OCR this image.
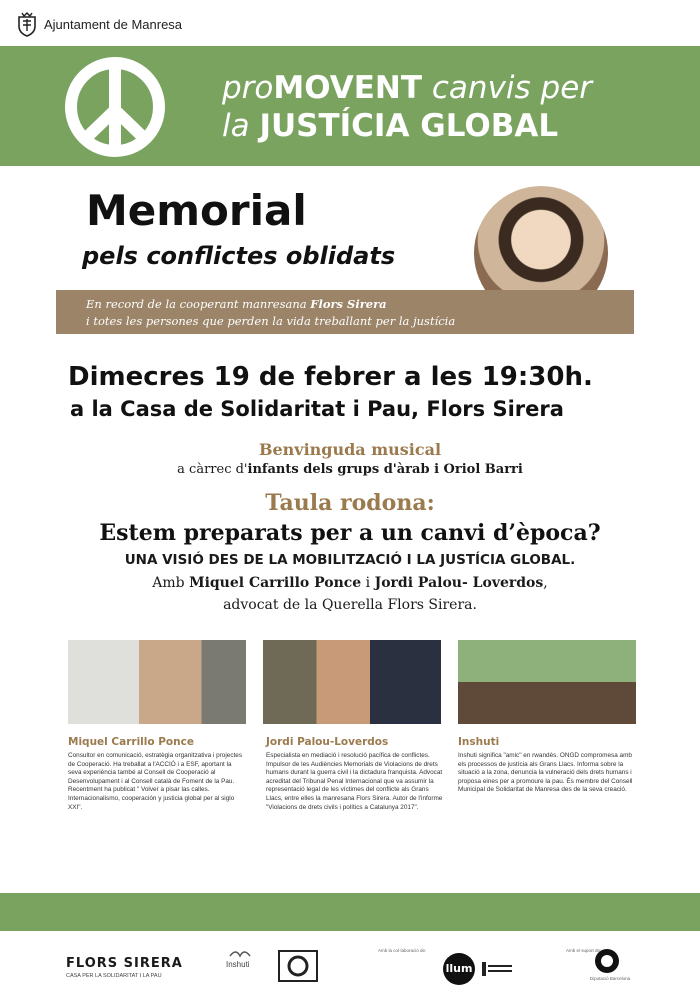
Ajuntament de Manresa
proMOVENT canvis per
la JUSTÍCIA GLOBAL
Memorial
pels conflictes oblidats
En record de la cooperant manresana Flors Sirera
i totes les persones que perden la vida treballant per la justícia
Dimecres 19 de febrer a les 19:30h.
a la Casa de Solidaritat i Pau, Flors Sirera
Benvinguda musical
a càrrec d'infants dels grups d'àrab i Oriol Barri
Taula rodona:
Estem preparats per a un canvi d’època?
UNA VISIÓ DES DE LA MOBILITZACIÓ I LA JUSTÍCIA GLOBAL.
Amb Miquel Carrillo Ponce i Jordi Palou- Loverdos,
advocat de la Querella Flors Sirera.
Miquel Carrillo Ponce	Jordi Palou-Loverdos	Inshuti
Consultor en comunicació, estratègia organitzativa i projectes de Cooperació. Ha treballat a l'ACCIÓ i a ESF, aportant la seva experiència també al Consell de Cooperació al Desenvolupament i al Consell català de Foment de la Pau. Recentment ha publicat " Volver a pisar las calles. Internacionalismo, cooperación y justicia global per al siglo XXI".
Especialista en mediació i resolució pacífica de conflictes. Impulsor de les Audiències Memorials de Violacions de drets humans durant la guerra civil i la dictadura franquista. Advocat acreditat del Tribunal Penal Internacional que va assumir la representació legal de les víctimes del conflicte als Grans Llacs, entre elles la manresana Flors Sirera. Autor de l'informe "Violacions de drets civils i polítics a Catalunya 2017".
Inshuti significa "amic" en rwandès. ONGD compromesa amb els processos de justícia als Grans Llacs. Informa sobre la situació a la zona, denuncia la vulneració dels drets humans i proposa eines per a promoure la pau. És membre del Consell Municipal de Solidaritat de Manresa des de la seva creació.
FLORS SIRERA
CASA PER LA SOLIDARITAT I LA PAU
Inshuti
Amb la col·laboració de:
llum
Amb el suport de:
Diputació Barcelona
